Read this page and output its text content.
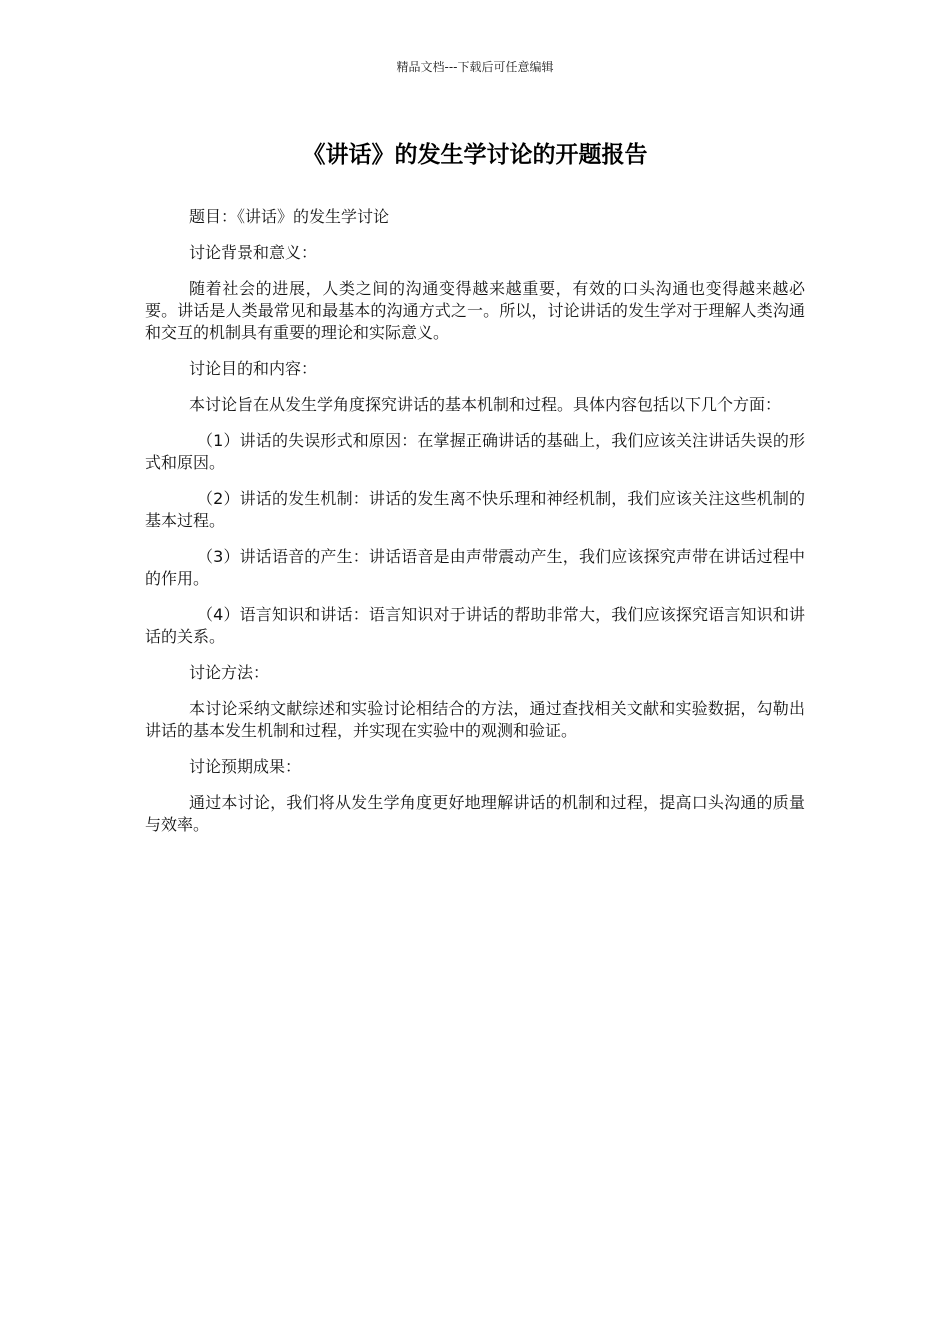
精品文档---下载后可任意编辑
《讲话》的发生学讨论的开题报告

题目：《讲话》的发生学讨论

讨论背景和意义：

随着社会的进展，人类之间的沟通变得越来越重要，有效的口头沟通也变得越来越必要。讲话是人类最常见和最基本的沟通方式之一。所以，讨论讲话的发生学对于理解人类沟通和交互的机制具有重要的理论和实际意义。

讨论目的和内容：

本讨论旨在从发生学角度探究讲话的基本机制和过程。具体内容包括以下几个方面：

（1）讲话的失误形式和原因：在掌握正确讲话的基础上，我们应该关注讲话失误的形式和原因。

（2）讲话的发生机制：讲话的发生离不快乐理和神经机制，我们应该关注这些机制的基本过程。

（3）讲话语音的产生：讲话语音是由声带震动产生，我们应该探究声带在讲话过程中的作用。

（4）语言知识和讲话：语言知识对于讲话的帮助非常大，我们应该探究语言知识和讲话的关系。

讨论方法：

本讨论采纳文献综述和实验讨论相结合的方法，通过查找相关文献和实验数据，勾勒出讲话的基本发生机制和过程，并实现在实验中的观测和验证。

讨论预期成果：

通过本讨论，我们将从发生学角度更好地理解讲话的机制和过程，提高口头沟通的质量与效率。
